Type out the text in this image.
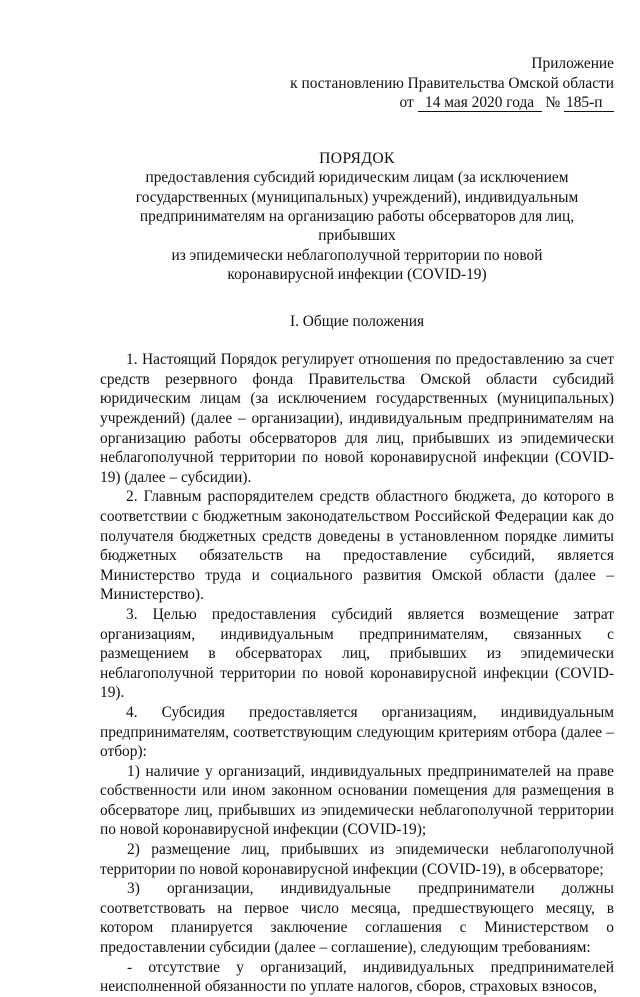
Приложение
к постановлению Правительства Омской области
от 14 мая 2020 года № 185-п
ПОРЯДОК
предоставления субсидий юридическим лицам (за исключением
государственных (муниципальных) учреждений), индивидуальным
предпринимателям на организацию работы обсерваторов для лиц, прибывших
из эпидемически неблагополучной территории по новой
коронавирусной инфекции (COVID-19)
I. Общие положения

1. Настоящий Порядок регулирует отношения по предоставлению за счет средств резервного фонда Правительства Омской области субсидий юридическим лицам (за исключением государственных (муниципальных) учреждений) (далее – организации), индивидуальным предпринимателям на организацию работы обсерваторов для лиц, прибывших из эпидемически неблагополучной территории по новой коронавирусной инфекции (COVID-19) (далее – субсидии).

2. Главным распорядителем средств областного бюджета, до которого в соответствии с бюджетным законодательством Российской Федерации как до получателя бюджетных средств доведены в установленном порядке лимиты бюджетных обязательств на предоставление субсидий, является Министерство труда и социального развития Омской области (далее – Министерство).

3. Целью предоставления субсидий является возмещение затрат организациям, индивидуальным предпринимателям, связанных с размещением в обсерваторах лиц, прибывших из эпидемически неблагополучной территории по новой коронавирусной инфекции (COVID-19).

4. Субсидия предоставляется организациям, индивидуальным предпринимателям, соответствующим следующим критериям отбора (далее – отбор):

1) наличие у организаций, индивидуальных предпринимателей на праве собственности или ином законном основании помещения для размещения в обсерваторе лиц, прибывших из эпидемически неблагополучной территории по новой коронавирусной инфекции (COVID-19);

2) размещение лиц, прибывших из эпидемически неблагополучной территории по новой коронавирусной инфекции (COVID-19), в обсерваторе;

3) организации, индивидуальные предприниматели должны соответствовать на первое число месяца, предшествующего месяцу, в котором планируется заключение соглашения с Министерством о предоставлении субсидии (далее – соглашение), следующим требованиям:

- отсутствие у организаций, индивидуальных предпринимателей неисполненной обязанности по уплате налогов, сборов, страховых взносов,
